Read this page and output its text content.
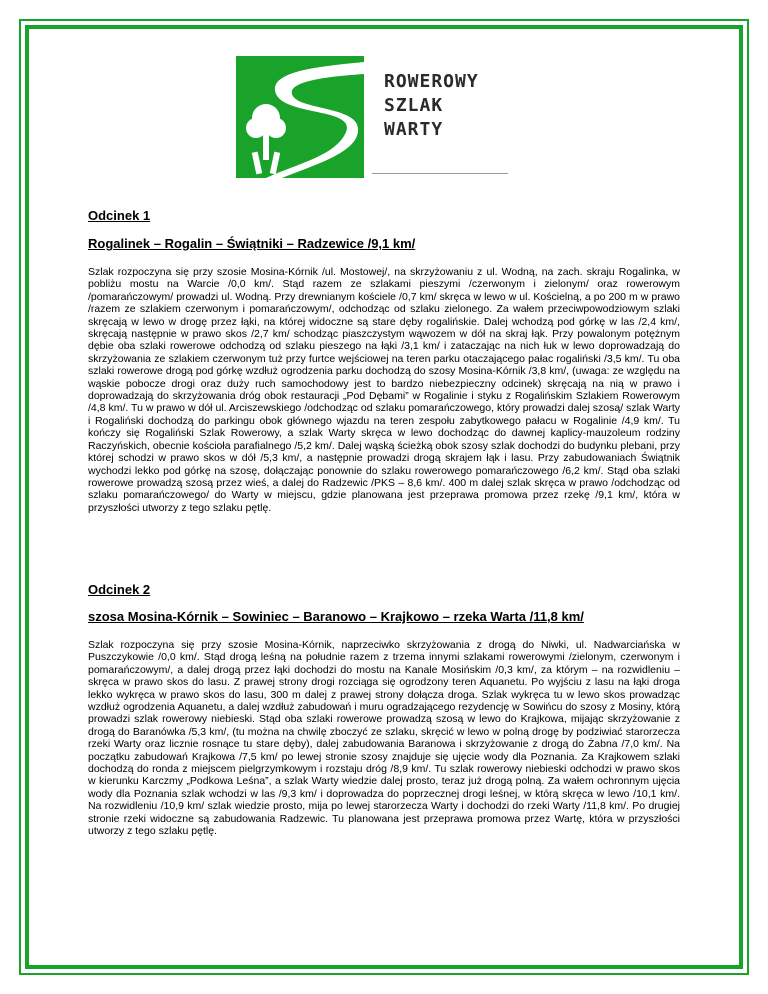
ROWEROWY
SZLAK
WARTY
Odcinek 1
Rogalinek – Rogalin – Świątniki – Radzewice /9,1 km/
Szlak rozpoczyna się przy szosie Mosina-Kórnik /ul. Mostowej/, na skrzyżowaniu z ul. Wodną, na zach. skraju Rogalinka, w pobliżu mostu na Warcie /0,0 km/. Stąd razem ze szlakami pieszymi /czerwonym i zielonym/ oraz rowerowym /pomarańczowym/ prowadzi ul. Wodną. Przy drewnianym kościele /0,7 km/ skręca w lewo w ul. Kościelną, a po 200 m w prawo /razem ze szlakiem czerwonym i pomarańczowym/, odchodząc od szlaku zielonego. Za wałem przeciwpowodziowym szlaki skręcają w lewo w drogę przez łąki, na której widoczne są stare dęby rogalińskie. Dalej wchodzą pod górkę w las /2,4 km/, skręcają następnie w prawo skos /2,7 km/ schodząc piaszczystym wąwozem w dół na skraj łąk. Przy powalonym potężnym dębie oba szlaki rowerowe odchodzą od szlaku pieszego na łąki /3,1 km/ i zataczając na nich łuk w lewo doprowadzają do skrzyżowania ze szlakiem czerwonym tuż przy furtce wejściowej na teren parku otaczającego pałac rogaliński /3,5 km/. Tu oba szlaki rowerowe drogą pod górkę wzdłuż ogrodzenia parku dochodzą do szosy Mosina-Kórnik /3,8 km/, (uwaga: ze względu na wąskie pobocze drogi oraz duży ruch samochodowy jest to bardzo niebezpieczny odcinek) skręcają na nią w prawo i doprowadzają do skrzyżowania dróg obok restauracji „Pod Dębami” w Rogalinie i styku z Rogalińskim Szlakiem Rowerowym /4,8 km/. Tu w prawo w dół ul. Arciszewskiego /odchodząc od szlaku pomarańczowego, który prowadzi dalej szosą/ szlak Warty i Rogaliński dochodzą do parkingu obok głównego wjazdu na teren zespołu zabytkowego pałacu w Rogalinie /4,9 km/. Tu kończy się Rogaliński Szlak Rowerowy, a szlak Warty skręca w lewo dochodząc do dawnej kaplicy-mauzoleum rodziny Raczyńskich, obecnie kościoła parafialnego /5,2 km/. Dalej wąską ścieżką obok szosy szlak dochodzi do budynku plebani, przy której schodzi w prawo skos w dół /5,3 km/, a następnie prowadzi drogą skrajem łąk i lasu. Przy zabudowaniach Świątnik wychodzi lekko pod górkę na szosę, dołączając ponownie do szlaku rowerowego pomarańczowego /6,2 km/. Stąd oba szlaki rowerowe prowadzą szosą przez wieś, a dalej do Radzewic /PKS – 8,6 km/. 400 m dalej szlak skręca w prawo /odchodząc od szlaku pomarańczowego/ do Warty w miejscu, gdzie planowana jest przeprawa promowa przez rzekę /9,1 km/, która w przyszłości utworzy z tego szlaku pętlę.
Odcinek 2
szosa Mosina-Kórnik – Sowiniec – Baranowo – Krajkowo – rzeka Warta /11,8 km/
Szlak rozpoczyna się przy szosie Mosina-Kórnik, naprzeciwko skrzyżowania z drogą do Niwki, ul. Nadwarciańska w Puszczykowie /0,0 km/. Stąd drogą leśną na południe razem z trzema innymi szlakami rowerowymi /zielonym, czerwonym i pomarańczowym/, a dalej drogą przez łąki dochodzi do mostu na Kanale Mosińskim /0,3 km/, za którym – na rozwidleniu – skręca w prawo skos do lasu. Z prawej strony drogi rozciąga się ogrodzony teren Aquanetu. Po wyjściu z lasu na łąki droga lekko wykręca w prawo skos do lasu, 300 m dalej z prawej strony dołącza droga. Szlak wykręca tu w lewo skos prowadząc wzdłuż ogrodzenia Aquanetu, a dalej wzdłuż zabudowań i muru ogradzającego rezydencję w Sowińcu do szosy z Mosiny, którą prowadzi szlak rowerowy niebieski. Stąd oba szlaki rowerowe prowadzą szosą w lewo do Krajkowa, mijając skrzyżowanie z drogą do Baranówka /5,3 km/, (tu można na chwilę zboczyć ze szlaku, skręcić w lewo w polną drogę by podziwiać starorzecza rzeki Warty oraz licznie rosnące tu stare dęby), dalej zabudowania Baranowa i skrzyżowanie z drogą do Żabna /7,0 km/. Na początku zabudowań Krajkowa /7,5 km/ po lewej stronie szosy znajduje się ujęcie wody dla Poznania. Za Krajkowem szlaki dochodzą do ronda z miejscem pielgrzymkowym i rozstaju dróg /8,9 km/. Tu szlak rowerowy niebieski odchodzi w prawo skos w kierunku Karczmy „Podkowa Leśna”, a szlak Warty wiedzie dalej prosto, teraz już drogą polną. Za wałem ochronnym ujęcia wody dla Poznania szlak wchodzi w las /9,3 km/ i doprowadza do poprzecznej drogi leśnej, w którą skręca w lewo /10,1 km/. Na rozwidleniu /10,9 km/ szlak wiedzie prosto, mija po lewej starorzecza Warty i dochodzi do rzeki Warty /11,8 km/. Po drugiej stronie rzeki widoczne są zabudowania Radzewic. Tu planowana jest przeprawa promowa przez Wartę, która w przyszłości utworzy z tego szlaku pętlę.
